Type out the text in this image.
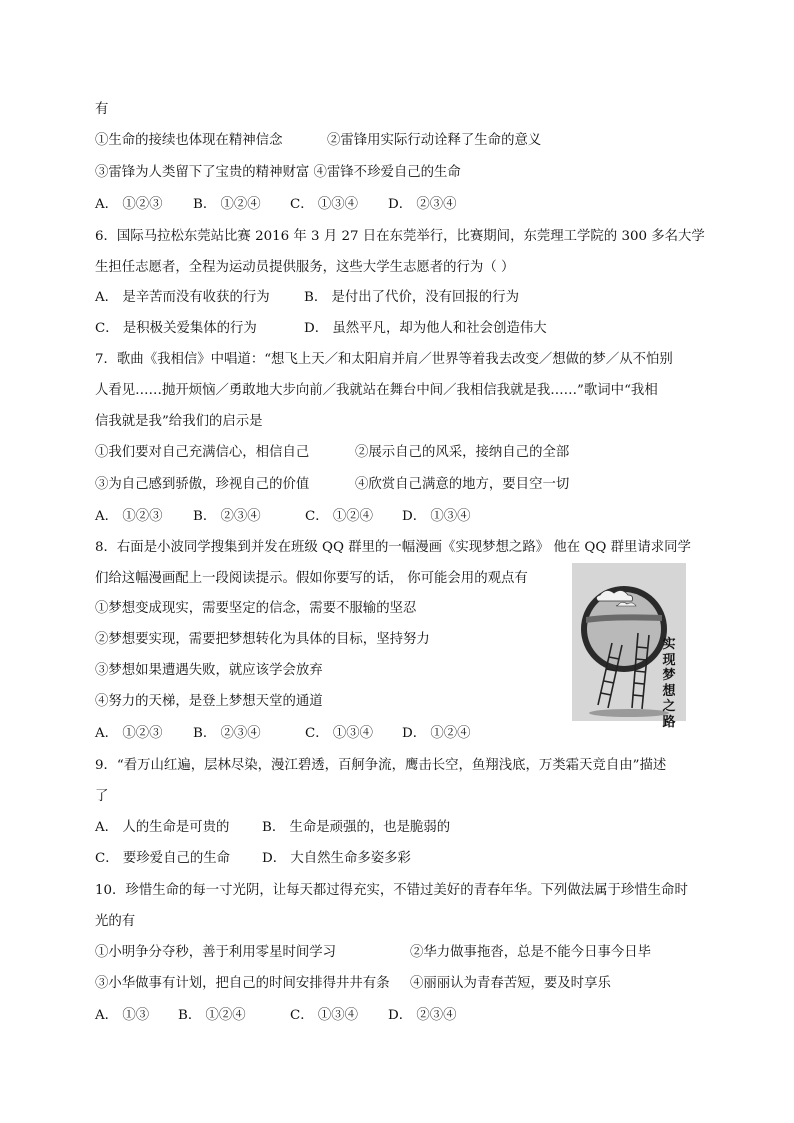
有
①生命的接续也体现在精神信念	②雷锋用实际行动诠释了生命的意义
③雷锋为人类留下了宝贵的精神财富 ④雷锋不珍爱自己的生命
A． ①②③ B． ①②④ C． ①③④ D． ②③④
6．国际马拉松东莞站比赛 2016 年 3 月 27 日在东莞举行，比赛期间，东莞理工学院的 300 多名大学
生担任志愿者，全程为运动员提供服务，这些大学生志愿者的行为（ ）
A． 是辛苦而没有收获的行为	B． 是付出了代价，没有回报的行为
C． 是积极关爱集体的行为	D． 虽然平凡，却为他人和社会创造伟大
7．歌曲《我相信》中唱道：“想飞上天／和太阳肩并肩／世界等着我去改变／想做的梦／从不怕别
人看见……抛开烦恼／勇敢地大步向前／我就站在舞台中间／我相信我就是我……”歌词中“我相
信我就是我”给我们的启示是
①我们要对自己充满信心，相信自己	②展示自己的风采，接纳自己的全部
③为自己感到骄傲，珍视自己的价值	④欣赏自己满意的地方，要目空一切
A． ①②③ B． ②③④	C． ①②④ D． ①③④
8．右面是小波同学搜集到并发在班级 QQ 群里的一幅漫画《实现梦想之路》 他在 QQ 群里请求同学
们给这幅漫画配上一段阅读提示。假如你要写的话， 你可能会用的观点有
①梦想变成现实，需要坚定的信念，需要不服输的坚忍
②梦想要实现，需要把梦想转化为具体的目标，坚持努力
③梦想如果遭遇失败，就应该学会放弃
④努力的天梯，是登上梦想天堂的通道
A． ①②③ B． ②③④	C． ①③④ D． ①②④
实现梦想之路
9．“看万山红遍，层林尽染，漫江碧透，百舸争流，鹰击长空，鱼翔浅底，万类霜天竞自由”描述
了
A． 人的生命是可贵的 B． 生命是顽强的，也是脆弱的
C． 要珍爱自己的生命 D． 大自然生命多姿多彩
10．珍惜生命的每一寸光阴，让每天都过得充实，不错过美好的青春年华。下列做法属于珍惜生命时
光的有
①小明争分夺秒，善于利用零星时间学习	②华力做事拖沓，总是不能今日事今日毕
③小华做事有计划，把自己的时间安排得井井有条 ④丽丽认为青春苦短，要及时享乐
A． ①③ B． ①②④	C． ①③④ D． ②③④
